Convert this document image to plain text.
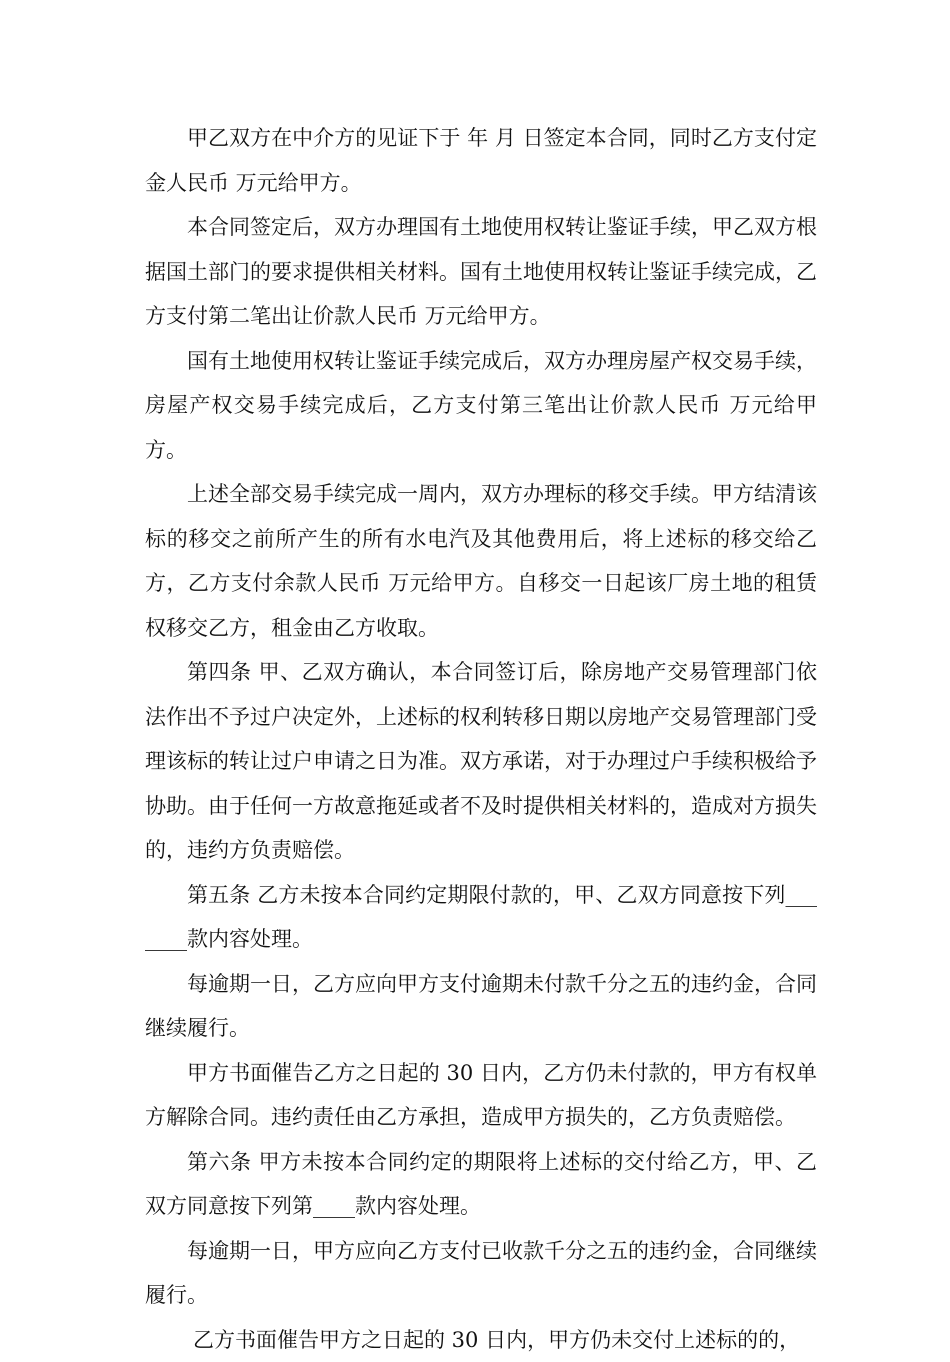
甲乙双方在中介方的见证下于 年 月 日签定本合同，同时乙方支付定金人民币 万元给甲方。

本合同签定后，双方办理国有土地使用权转让鉴证手续，甲乙双方根据国土部门的要求提供相关材料。国有土地使用权转让鉴证手续完成，乙方支付第二笔出让价款人民币 万元给甲方。

国有土地使用权转让鉴证手续完成后，双方办理房屋产权交易手续， 房屋产权交易手续完成后，乙方支付第三笔出让价款人民币 万元给甲方。

上述全部交易手续完成一周内，双方办理标的移交手续。甲方结清该标的移交之前所产生的所有水电汽及其他费用后，将上述标的移交给乙方，乙方支付余款人民币 万元给甲方。自移交一日起该厂房土地的租赁权移交乙方，租金由乙方收取。

第四条 甲、乙双方确认，本合同签订后，除房地产交易管理部门依法作出不予过户决定外，上述标的权利转移日期以房地产交易管理部门受理该标的转让过户申请之日为准。双方承诺，对于办理过户手续积极给予协助。由于任何一方故意拖延或者不及时提供相关材料的，造成对方损失的，违约方负责赔偿。

第五条 乙方未按本合同约定期限付款的，甲、乙双方同意按下列_______款内容处理。

每逾期一日，乙方应向甲方支付逾期未付款千分之五的违约金，合同继续履行。

甲方书面催告乙方之日起的 30 日内，乙方仍未付款的，甲方有权单方解除合同。违约责任由乙方承担，造成甲方损失的，乙方负责赔偿。

第六条 甲方未按本合同约定的期限将上述标的交付给乙方，甲、乙双方同意按下列第____款内容处理。

每逾期一日，甲方应向乙方支付已收款千分之五的违约金，合同继续履行。

乙方书面催告甲方之日起的 30 日内，甲方仍未交付上述标的的，
